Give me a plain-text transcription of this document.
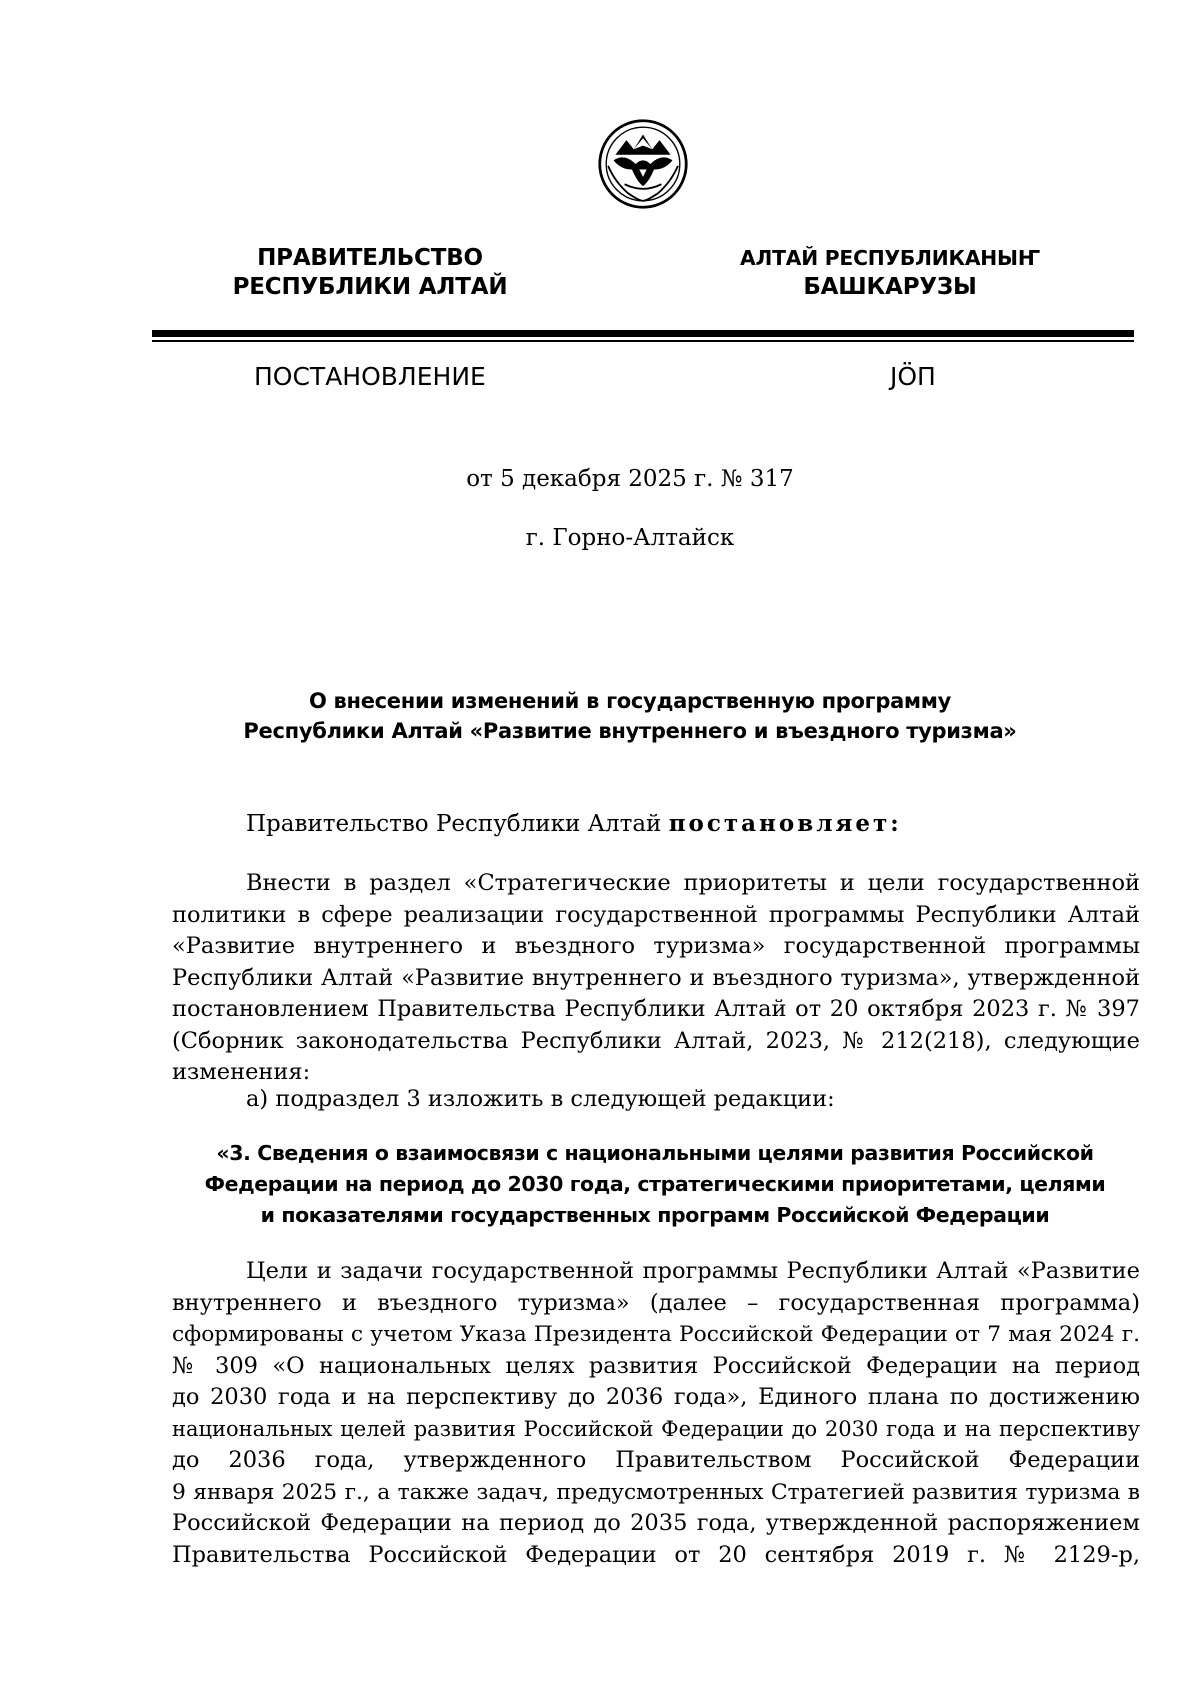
ПРАВИТЕЛЬСТВО
РЕСПУБЛИКИ АЛТАЙ
АЛТАЙ РЕСПУБЛИКАНЫҤ
БАШКАРУЗЫ
ПОСТАНОВЛЕНИЕ	JӦП
от 5 декабря 2025 г. № 317
г. Горно-Алтайск
О внесении изменений в государственную программу
Республики Алтай «Развитие внутреннего и въездного туризма»
Правительство Республики Алтай постановляет:
Внести в раздел «Стратегические приоритеты и цели государственной
политики в сфере реализации государственной программы Республики Алтай
«Развитие внутреннего и въездного туризма» государственной программы
Республики Алтай «Развитие внутреннего и въездного туризма», утвержденной
постановлением Правительства Республики Алтай от 20 октября 2023 г. № 397
(Сборник законодательства Республики Алтай, 2023, № 212(218), следующие
изменения:
а) подраздел 3 изложить в следующей редакции:
«3. Сведения о взаимосвязи с национальными целями развития Российской
Федерации на период до 2030 года, стратегическими приоритетами, целями
и показателями государственных программ Российской Федерации
Цели и задачи государственной программы Республики Алтай «Развитие
внутреннего и въездного туризма» (далее – государственная программа)
сформированы с учетом Указа Президента Российской Федерации от 7 мая 2024 г.
№ 309 «О национальных целях развития Российской Федерации на период
до 2030 года и на перспективу до 2036 года», Единого плана по достижению
национальных целей развития Российской Федерации до 2030 года и на перспективу
до 2036 года, утвержденного Правительством Российской Федерации
9 января 2025 г., а также задач, предусмотренных Стратегией развития туризма в
Российской Федерации на период до 2035 года, утвержденной распоряжением
Правительства Российской Федерации от 20 сентября 2019 г. № 2129-р,
